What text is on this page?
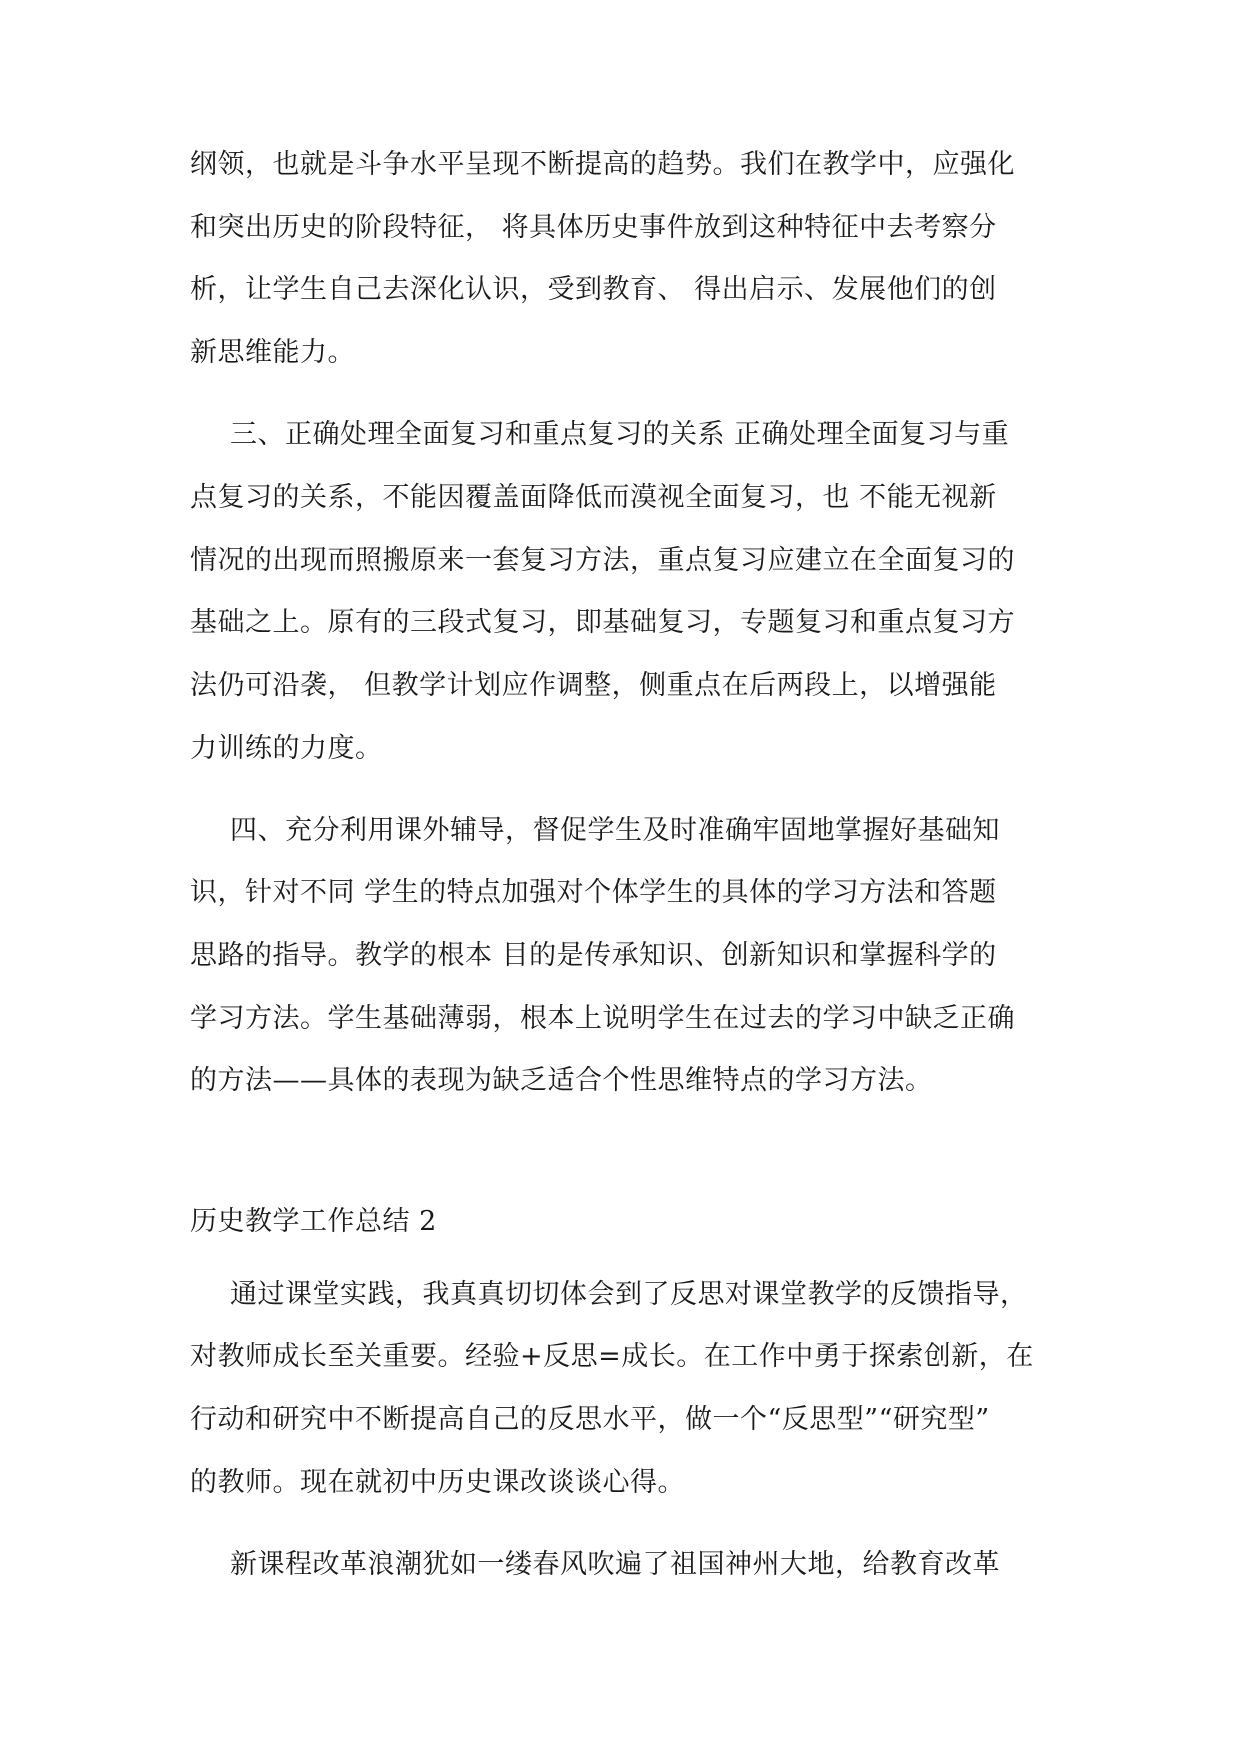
纲领，也就是斗争水平呈现不断提高的趋势。我们在教学中，应强化
和突出历史的阶段特征， 将具体历史事件放到这种特征中去考察分
析，让学生自己去深化认识，受到教育、 得出启示、发展他们的创
新思维能力。
三、正确处理全面复习和重点复习的关系 正确处理全面复习与重
点复习的关系，不能因覆盖面降低而漠视全面复习，也 不能无视新
情况的出现而照搬原来一套复习方法，重点复习应建立在全面复习的
基础之上。原有的三段式复习，即基础复习，专题复习和重点复习方
法仍可沿袭， 但教学计划应作调整，侧重点在后两段上，以增强能
力训练的力度。
四、充分利用课外辅导，督促学生及时准确牢固地掌握好基础知
识，针对不同 学生的特点加强对个体学生的具体的学习方法和答题
思路的指导。教学的根本 目的是传承知识、创新知识和掌握科学的
学习方法。学生基础薄弱，根本上说明学生在过去的学习中缺乏正确
的方法——具体的表现为缺乏适合个性思维特点的学习方法。
历史教学工作总结 2
通过课堂实践，我真真切切体会到了反思对课堂教学的反馈指导，
对教师成长至关重要。经验+反思=成长。在工作中勇于探索创新，在
行动和研究中不断提高自己的反思水平，做一个“反思型”“研究型”
的教师。现在就初中历史课改谈谈心得。
新课程改革浪潮犹如一缕春风吹遍了祖国神州大地，给教育改革
